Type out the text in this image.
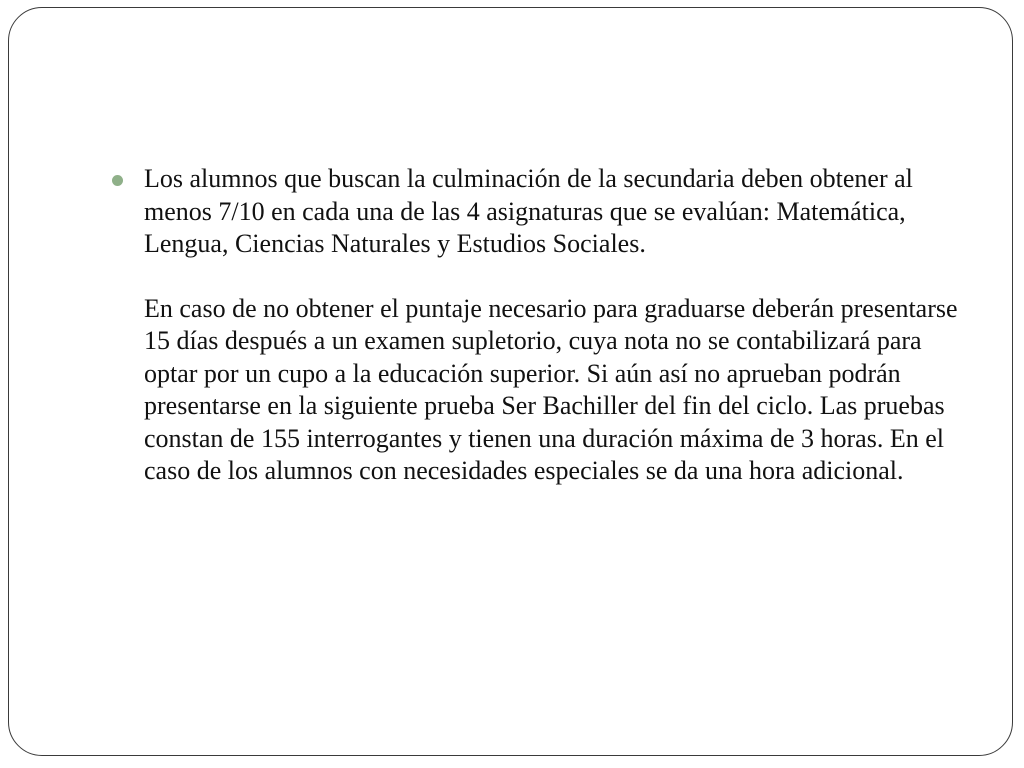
Los alumnos que buscan la culminación de la secundaria deben obtener al menos 7/10 en cada una de las 4 asignaturas que se evalúan: Matemática, Lengua, Ciencias Naturales y Estudios Sociales.

En caso de no obtener el puntaje necesario para graduarse deberán presentarse 15 días después a un examen supletorio, cuya nota no se contabilizará para optar por un cupo a la educación superior. Si aún así no aprueban podrán presentarse en la siguiente prueba Ser Bachiller del fin del ciclo. Las pruebas constan de 155 interrogantes y tienen una duración máxima de 3 horas. En el caso de los alumnos con necesidades especiales se da una hora adicional.
